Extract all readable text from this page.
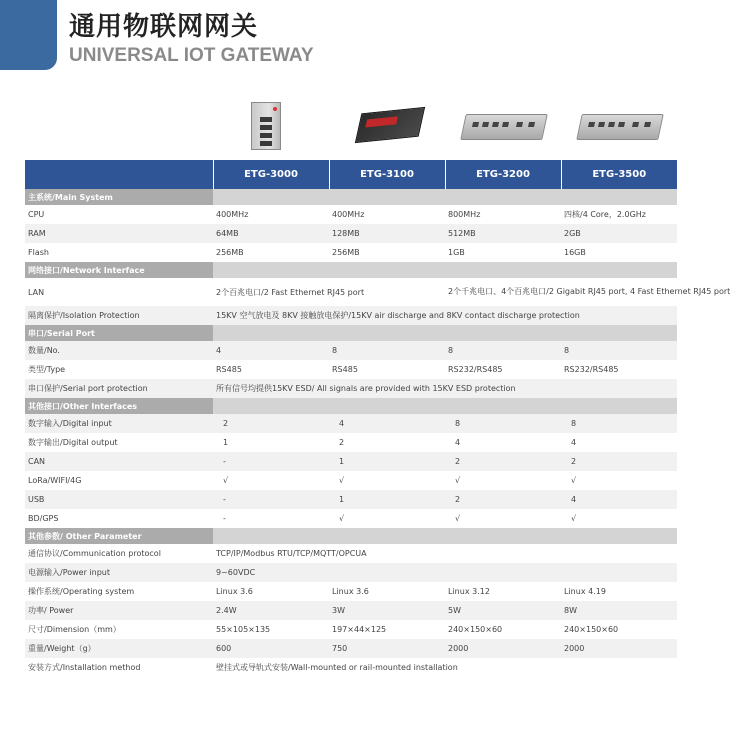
通用物联网网关
UNIVERSAL IOT GATEWAY
	ETG-3000	ETG-3100	ETG-3200	ETG-3500
主系统/Main System				
CPU	400MHz	400MHz	800MHz	四核/4 Core，2.0GHz
RAM	64MB	128MB	512MB	2GB
Flash	256MB	256MB	1GB	16GB
网络接口/Network Interface				
LAN	2个百兆电口/2 Fast Ethernet RJ45 port		2个千兆电口、4个百兆电口/2 Gigabit RJ45 port, 4 Fast Ethernet RJ45 port	
隔离保护/Isolation Protection	15KV 空气放电及 8KV 接触放电保护/15KV air discharge and 8KV contact discharge protection			
串口/Serial Port				
数量/No.	4	8	8	8
类型/Type	RS485	RS485	RS232/RS485	RS232/RS485
串口保护/Serial port protection	所有信号均提供15KV ESD/ All signals are provided with 15KV ESD protection			
其他接口/Other Interfaces				
数字输入/Digital input	2	4	8	8
数字输出/Digital output	1	2	4	4
CAN	-	1	2	2
LoRa/WIFI/4G	√	√	√	√
USB	-	1	2	4
BD/GPS	-	√	√	√
其他参数/ Other Parameter				
通信协议/Communication protocol	TCP/IP/Modbus RTU/TCP/MQTT/OPCUA			
电源输入/Power input	9~60VDC			
操作系统/Operating system	Linux 3.6	Linux 3.6	Linux 3.12	Linux 4.19
功率/ Power	2.4W	3W	5W	8W
尺寸/Dimension（mm）	55×105×135	197×44×125	240×150×60	240×150×60
重量/Weight（g）	600	750	2000	2000
安装方式/Installation method	壁挂式或导轨式安装/Wall-mounted or rail-mounted installation			
